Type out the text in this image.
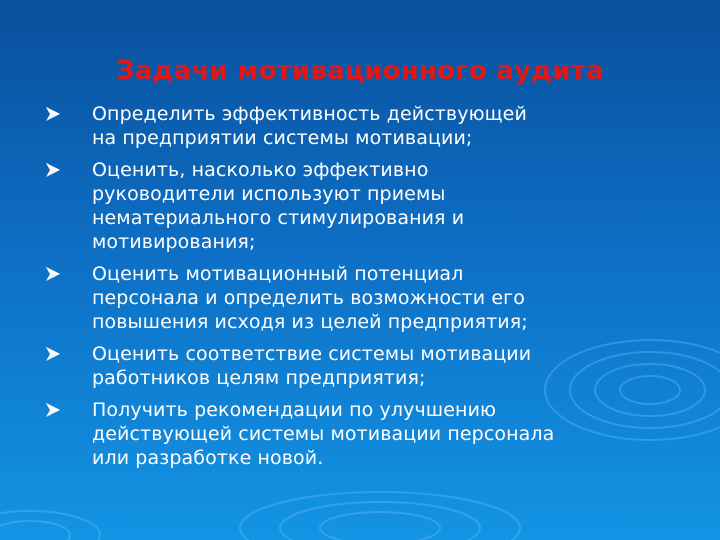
Задачи мотивационного аудита
Определить эффективность действующей
на предприятии системы мотивации;
Оценить, насколько эффективно
руководители используют приемы
нематериального стимулирования и
мотивирования;
Оценить мотивационный потенциал
персонала и определить возможности его
повышения исходя из целей предприятия;
Оценить соответствие системы мотивации
работников целям предприятия;
Получить рекомендации по улучшению
действующей системы мотивации персонала
или разработке новой.
